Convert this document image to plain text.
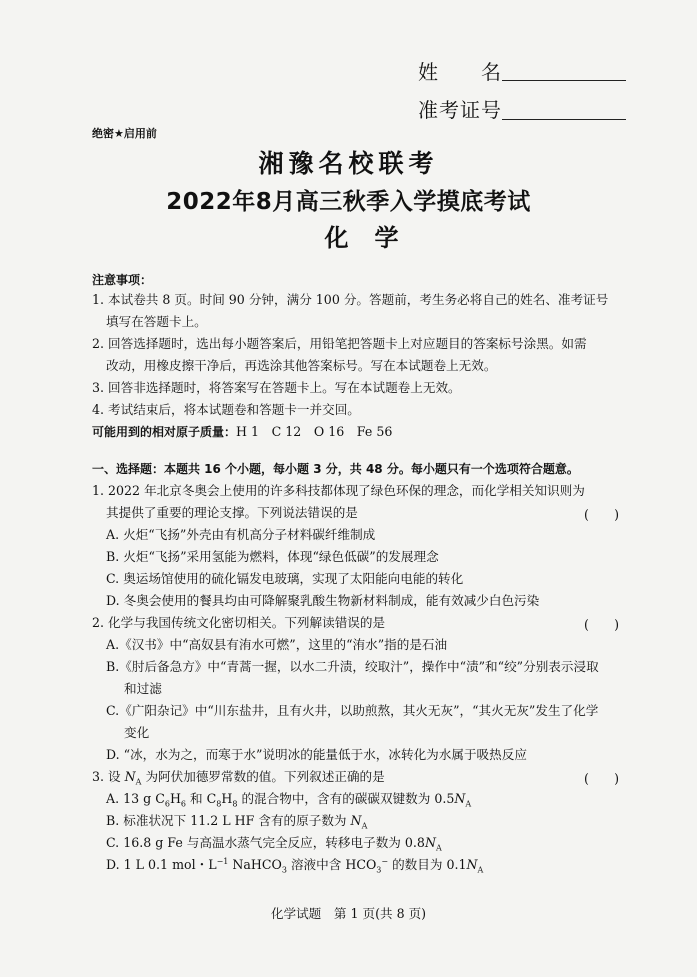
姓　　名
准考证号
绝密★启用前
湘豫名校联考
2022年8月高三秋季入学摸底考试
化学
注意事项：
1. 本试卷共 8 页。时间 90 分钟，满分 100 分。答题前，考生务必将自己的姓名、准考证号
填写在答题卡上。
2. 回答选择题时，选出每小题答案后，用铅笔把答题卡上对应题目的答案标号涂黑。如需
改动，用橡皮擦干净后，再选涂其他答案标号。写在本试题卷上无效。
3. 回答非选择题时，将答案写在答题卡上。写在本试题卷上无效。
4. 考试结束后，将本试题卷和答题卡一并交回。
可能用到的相对原子质量：H 1　C 12　O 16　Fe 56
一、选择题：本题共 16 个小题，每小题 3 分，共 48 分。每小题只有一个选项符合题意。
1. 2022 年北京冬奥会上使用的许多科技都体现了绿色环保的理念，而化学相关知识则为
其提供了重要的理论支撑。下列说法错误的是	(　　)
A. 火炬“飞扬”外壳由有机高分子材料碳纤维制成
B. 火炬“飞扬”采用氢能为燃料，体现“绿色低碳”的发展理念
C. 奥运场馆使用的硫化镉发电玻璃，实现了太阳能向电能的转化
D. 冬奥会使用的餐具均由可降解聚乳酸生物新材料制成，能有效减少白色污染
2. 化学与我国传统文化密切相关。下列解读错误的是	(　　)
A.《汉书》中“高奴县有洧水可燃”，这里的“洧水”指的是石油
B.《肘后备急方》中“青蒿一握，以水二升渍，绞取汁”，操作中“渍”和“绞”分别表示浸取
和过滤
C.《广阳杂记》中“川东盐井，且有火井，以助煎熬，其火无灰”，“其火无灰”发生了化学
变化
D. “冰，水为之，而寒于水”说明冰的能量低于水，冰转化为水属于吸热反应
3. 设 $N_A$ 为阿伏加德罗常数的值。下列叙述正确的是	(　　)
A. 13 g $C_6H_6$ 和 $C_8H_8$ 的混合物中，含有的碳碳双键数为 $0.5N_A$
B. 标准状况下 11.2 L HF 含有的原子数为 $N_A$
C. 16.8 g Fe 与高温水蒸气完全反应，转移电子数为 $0.8N_A$
D. 1 L 0.1 mol・$L^{-1}$ NaHCO$_3$ 溶液中含 $HCO_3^-$ 的数目为 $0.1N_A$
化学试题　第 1 页(共 8 页)
